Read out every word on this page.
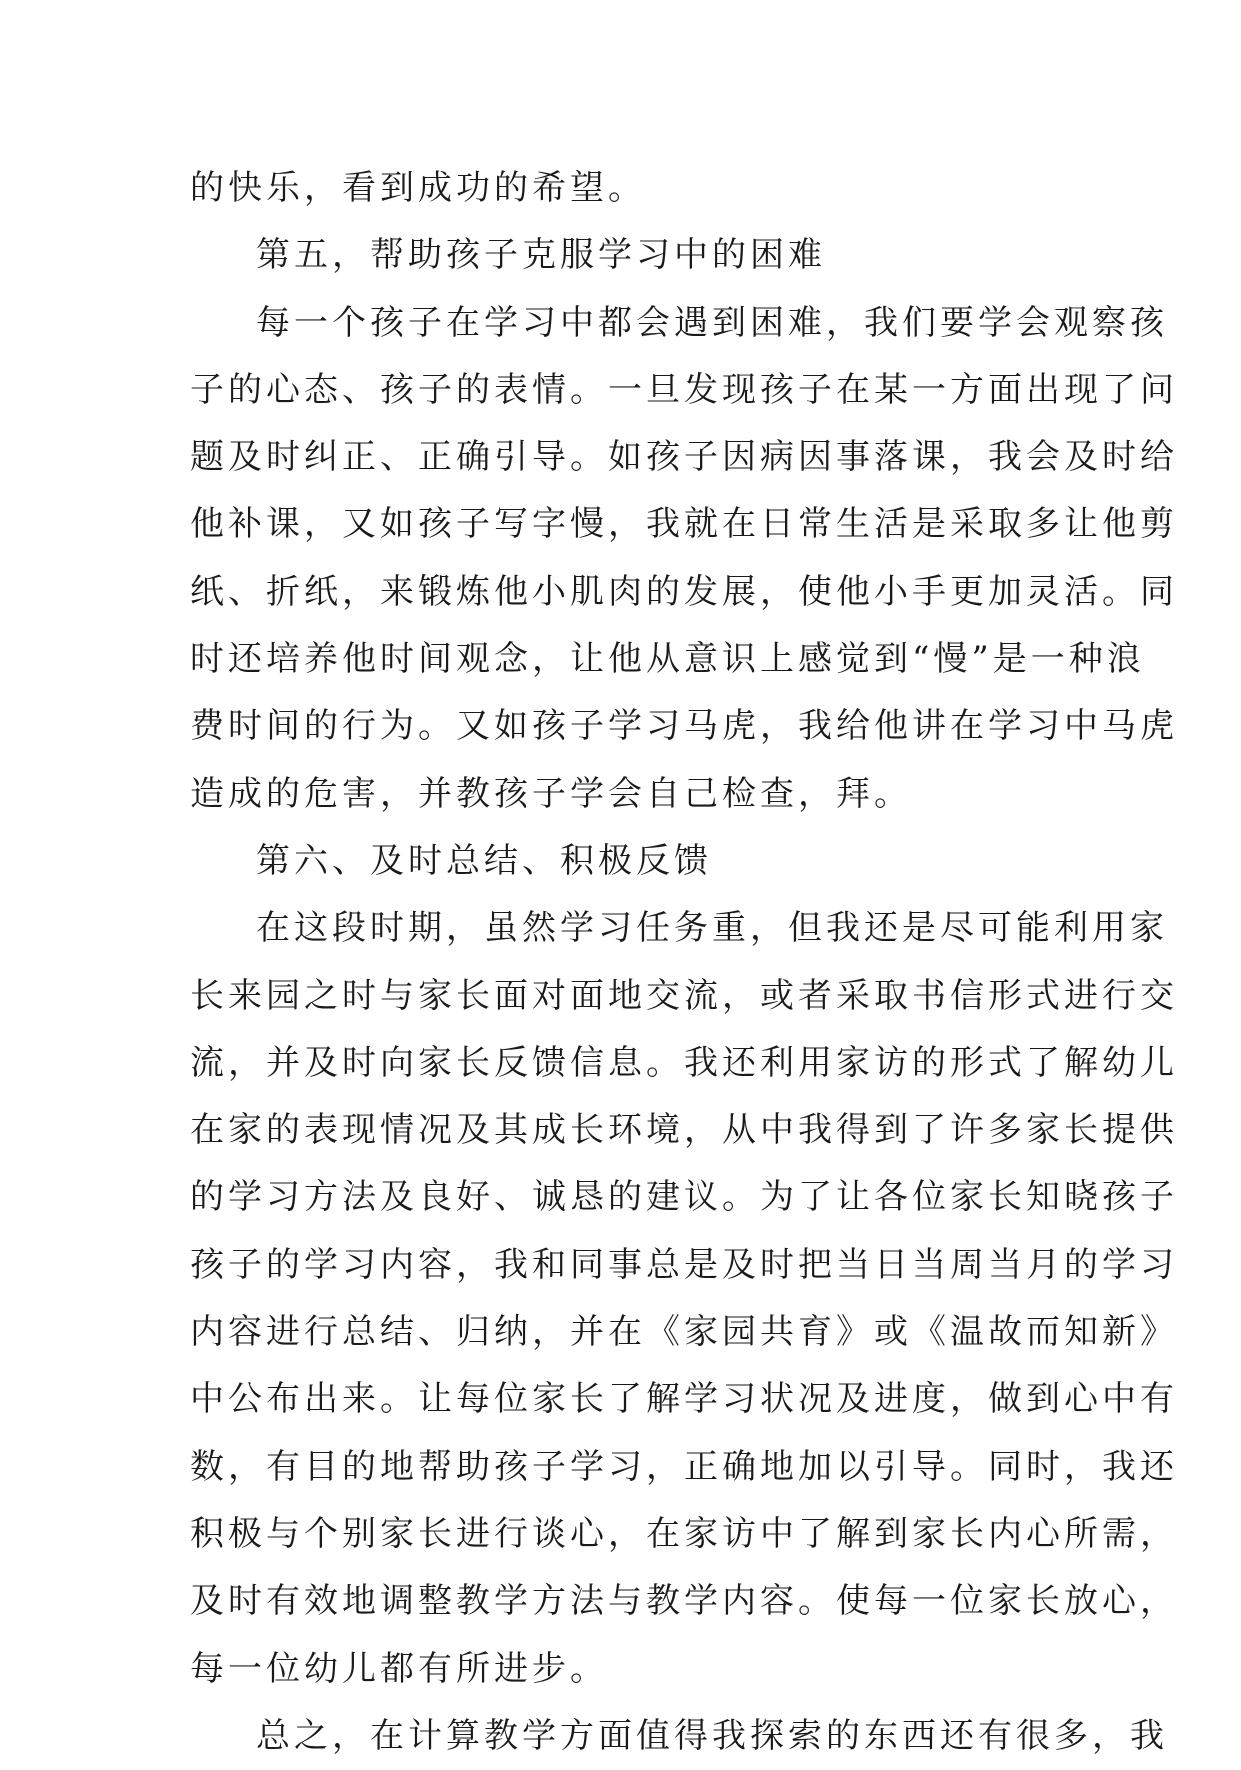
的快乐，看到成功的希望。
第五，帮助孩子克服学习中的困难
每一个孩子在学习中都会遇到困难，我们要学会观察孩
子的心态、孩子的表情。一旦发现孩子在某一方面出现了问
题及时纠正、正确引导。如孩子因病因事落课，我会及时给
他补课，又如孩子写字慢，我就在日常生活是采取多让他剪
纸、折纸，来锻炼他小肌肉的发展，使他小手更加灵活。同
时还培养他时间观念，让他从意识上感觉到“慢”是一种浪
费时间的行为。又如孩子学习马虎，我给他讲在学习中马虎
造成的危害，并教孩子学会自己检查，拜。
第六、及时总结、积极反馈
在这段时期，虽然学习任务重，但我还是尽可能利用家
长来园之时与家长面对面地交流，或者采取书信形式进行交
流，并及时向家长反馈信息。我还利用家访的形式了解幼儿
在家的表现情况及其成长环境，从中我得到了许多家长提供
的学习方法及良好、诚恳的建议。为了让各位家长知晓孩子
孩子的学习内容，我和同事总是及时把当日当周当月的学习
内容进行总结、归纳，并在《家园共育》或《温故而知新》
中公布出来。让每位家长了解学习状况及进度，做到心中有
数，有目的地帮助孩子学习，正确地加以引导。同时，我还
积极与个别家长进行谈心，在家访中了解到家长内心所需，
及时有效地调整教学方法与教学内容。使每一位家长放心，
每一位幼儿都有所进步。
总之，在计算教学方面值得我探索的东西还有很多，我
